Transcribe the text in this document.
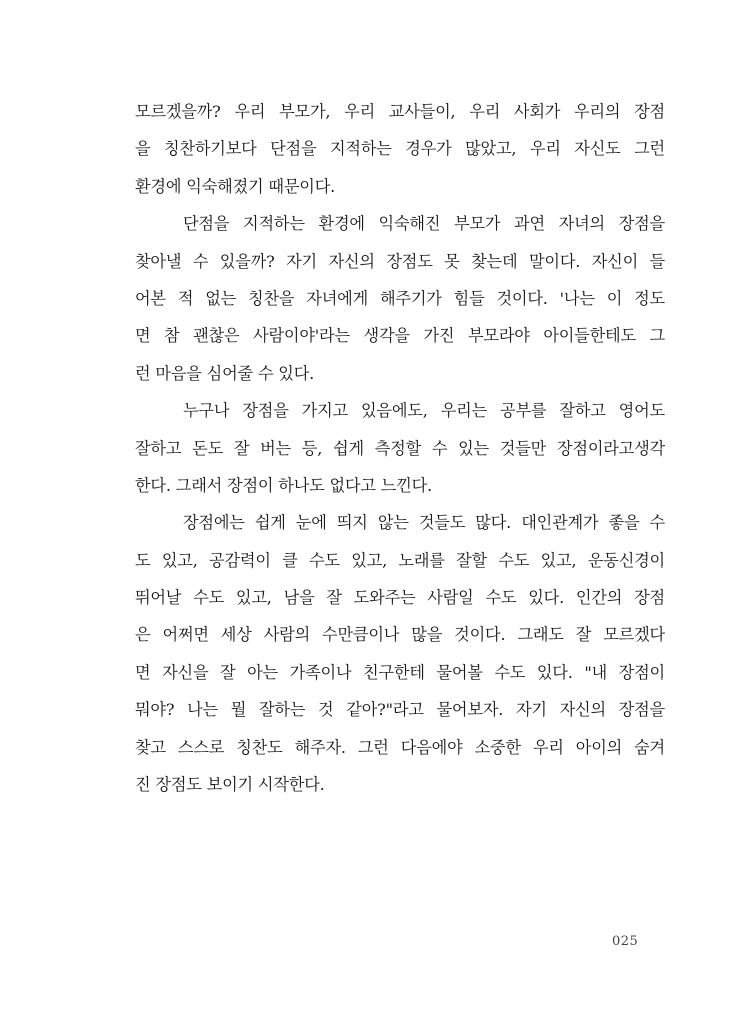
모르겠을까? 우리 부모가, 우리 교사들이, 우리 사회가 우리의 장점
을 칭찬하기보다 단점을 지적하는 경우가 많았고, 우리 자신도 그런
환경에 익숙해졌기 때문이다.
단점을 지적하는 환경에 익숙해진 부모가 과연 자녀의 장점을
찾아낼 수 있을까? 자기 자신의 장점도 못 찾는데 말이다. 자신이 들
어본 적 없는 칭찬을 자녀에게 해주기가 힘들 것이다. '나는 이 정도
면 참 괜찮은 사람이야'라는 생각을 가진 부모라야 아이들한테도 그
런 마음을 심어줄 수 있다.
누구나 장점을 가지고 있음에도, 우리는 공부를 잘하고 영어도
잘하고 돈도 잘 버는 등, 쉽게 측정할 수 있는 것들만 장점이라고생각
한다. 그래서 장점이 하나도 없다고 느낀다.
장점에는 쉽게 눈에 띄지 않는 것들도 많다. 대인관계가 좋을 수
도 있고, 공감력이 클 수도 있고, 노래를 잘할 수도 있고, 운동신경이
뛰어날 수도 있고, 남을 잘 도와주는 사람일 수도 있다. 인간의 장점
은 어쩌면 세상 사람의 수만큼이나 많을 것이다. 그래도 잘 모르겠다
면 자신을 잘 아는 가족이나 친구한테 물어볼 수도 있다. "내 장점이
뭐야? 나는 뭘 잘하는 것 같아?"라고 물어보자. 자기 자신의 장점을
찾고 스스로 칭찬도 해주자. 그런 다음에야 소중한 우리 아이의 숨겨
진 장점도 보이기 시작한다.
025
